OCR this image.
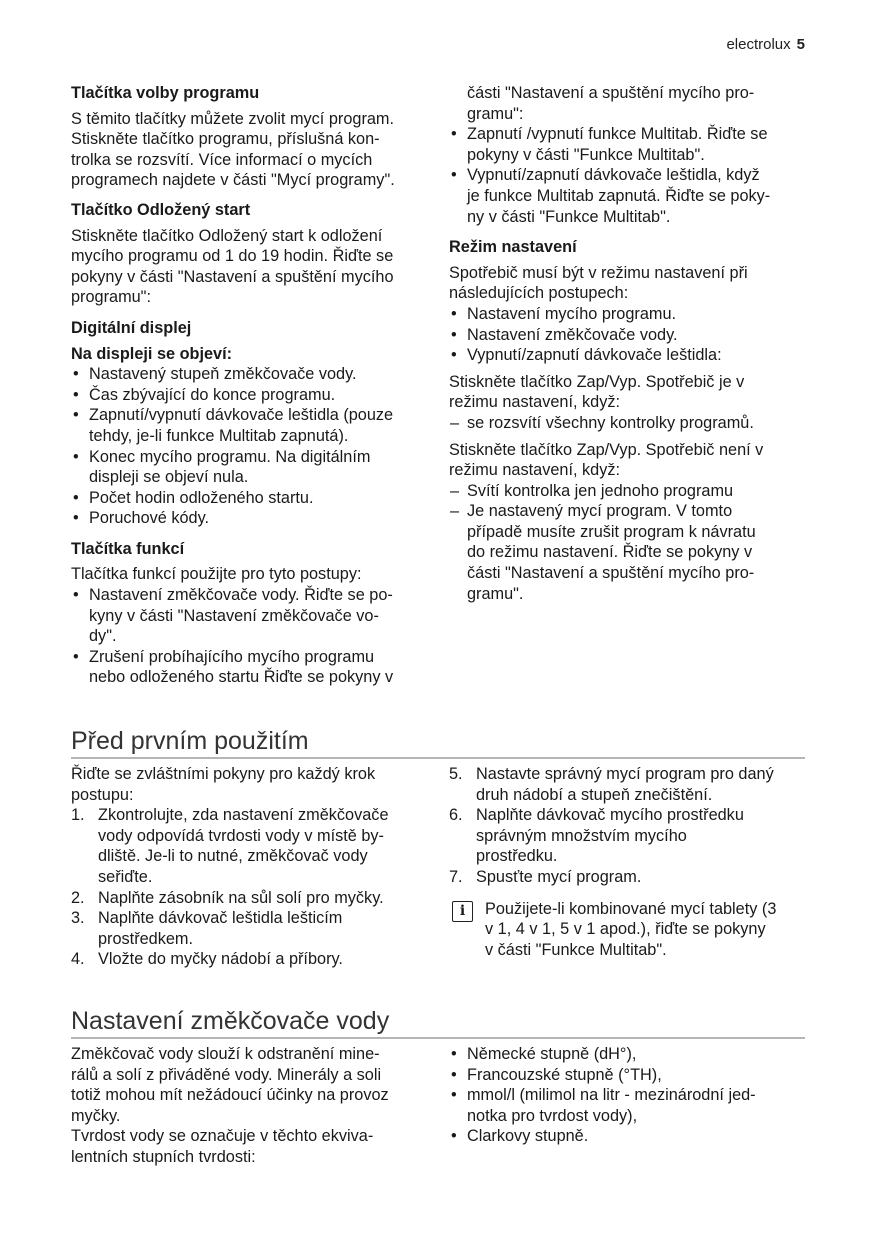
electrolux 5
Tlačítka volby programu
S těmito tlačítky můžete zvolit mycí program.
Stiskněte tlačítko programu, příslušná kon-
trolka se rozsvítí. Více informací o mycích
programech najdete v části "Mycí programy".
Tlačítko Odložený start
Stiskněte tlačítko Odložený start k odložení
mycího programu od 1 do 19 hodin. Řiďte se
pokyny v části "Nastavení a spuštění mycího
programu":
Digitální displej
Na displeji se objeví:
• Nastavený stupeň změkčovače vody.
• Čas zbývající do konce programu.
• Zapnutí/vypnutí dávkovače leštidla (pouze
tehdy, je-li funkce Multitab zapnutá).
• Konec mycího programu. Na digitálním
displeji se objeví nula.
• Počet hodin odloženého startu.
• Poruchové kódy.
Tlačítka funkcí
Tlačítka funkcí použijte pro tyto postupy:
• Nastavení změkčovače vody. Řiďte se po-
kyny v části "Nastavení změkčovače vo-
dy".
• Zrušení probíhajícího mycího programu
nebo odloženého startu Řiďte se pokyny v
části "Nastavení a spuštění mycího pro-
gramu":
• Zapnutí /vypnutí funkce Multitab. Řiďte se
pokyny v části "Funkce Multitab".
• Vypnutí/zapnutí dávkovače leštidla, když
je funkce Multitab zapnutá. Řiďte se poky-
ny v části "Funkce Multitab".
Režim nastavení
Spotřebič musí být v režimu nastavení při
následujících postupech:
• Nastavení mycího programu.
• Nastavení změkčovače vody.
• Vypnutí/zapnutí dávkovače leštidla:
Stiskněte tlačítko Zap/Vyp. Spotřebič je v
režimu nastavení, když:
– se rozsvítí všechny kontrolky programů.
Stiskněte tlačítko Zap/Vyp. Spotřebič není v
režimu nastavení, když:
– Svítí kontrolka jen jednoho programu
– Je nastavený mycí program. V tomto
případě musíte zrušit program k návratu
do režimu nastavení. Řiďte se pokyny v
části "Nastavení a spuštění mycího pro-
gramu".
Před prvním použitím
Řiďte se zvláštními pokyny pro každý krok
postupu:
1. Zkontrolujte, zda nastavení změkčovače
vody odpovídá tvrdosti vody v místě by-
dliště. Je-li to nutné, změkčovač vody
seřiďte.
2. Naplňte zásobník na sůl solí pro myčky.
3. Naplňte dávkovač leštidla lešticím
prostředkem.
4. Vložte do myčky nádobí a příbory.
5. Nastavte správný mycí program pro daný
druh nádobí a stupeň znečištění.
6. Naplňte dávkovač mycího prostředku
správným množstvím mycího
prostředku.
7. Spusťte mycí program.
i	Použijete-li kombinované mycí tablety (3
v 1, 4 v 1, 5 v 1 apod.), řiďte se pokyny
v části "Funkce Multitab".
Nastavení změkčovače vody
Změkčovač vody slouží k odstranění mine-
rálů a solí z přiváděné vody. Minerály a soli
totiž mohou mít nežádoucí účinky na provoz
myčky.
Tvrdost vody se označuje v těchto ekviva-
lentních stupních tvrdosti:
• Německé stupně (dH°),
• Francouzské stupně (°TH),
• mmol/l (milimol na litr - mezinárodní jed-
notka pro tvrdost vody),
• Clarkovy stupně.
